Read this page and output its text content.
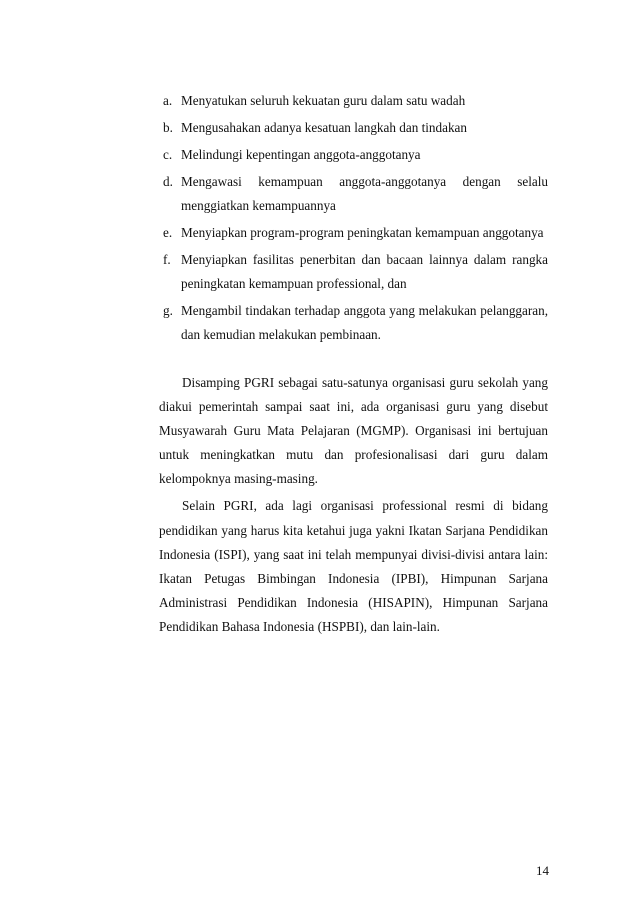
a. Menyatukan seluruh kekuatan guru dalam satu wadah
b. Mengusahakan adanya kesatuan langkah dan tindakan
c. Melindungi kepentingan anggota-anggotanya
d. Mengawasi kemampuan anggota-anggotanya dengan selalu menggiatkan kemampuannya
e. Menyiapkan program-program peningkatan kemampuan anggotanya
f. Menyiapkan fasilitas penerbitan dan bacaan lainnya dalam rangka peningkatan kemampuan professional, dan
g. Mengambil tindakan terhadap anggota yang melakukan pelanggaran, dan kemudian melakukan pembinaan.

Disamping PGRI sebagai satu-satunya organisasi guru sekolah yang diakui pemerintah sampai saat ini, ada organisasi guru yang disebut Musyawarah Guru Mata Pelajaran (MGMP). Organisasi ini bertujuan untuk meningkatkan mutu dan profesionalisasi dari guru dalam kelompoknya masing-masing.

Selain PGRI, ada lagi organisasi professional resmi di bidang pendidikan yang harus kita ketahui juga yakni Ikatan Sarjana Pendidikan Indonesia (ISPI), yang saat ini telah mempunyai divisi-divisi antara lain: Ikatan Petugas Bimbingan Indonesia (IPBI), Himpunan Sarjana Administrasi Pendidikan Indonesia (HISAPIN), Himpunan Sarjana Pendidikan Bahasa Indonesia (HSPBI), dan lain-lain.

14
